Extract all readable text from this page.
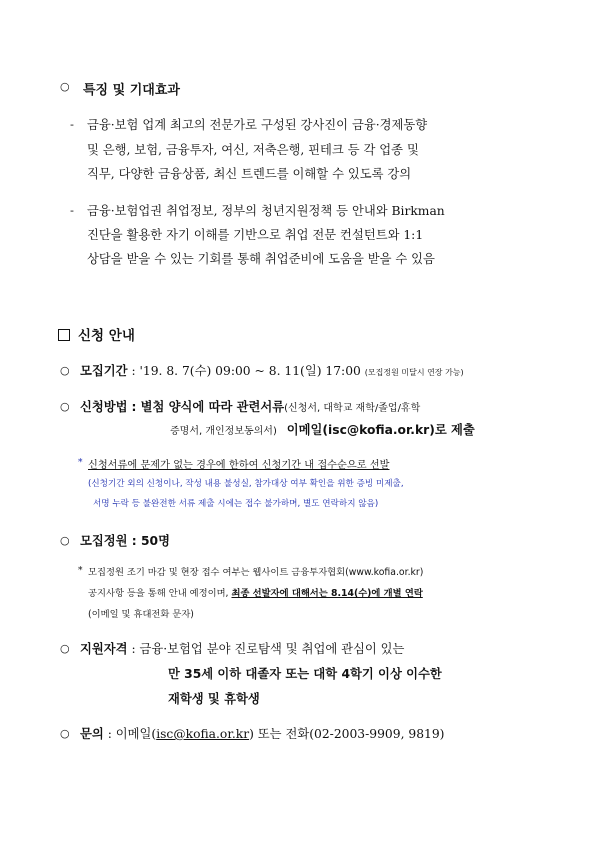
○ 특징 및 기대효과
- 금융·보험 업계 최고의 전문가로 구성된 강사진이 금융·경제동향
및 은행, 보험, 금융투자, 여신, 저축은행, 핀테크 등 각 업종 및
직무, 다양한 금융상품, 최신 트렌드를 이해할 수 있도록 강의
- 금융·보험업권 취업정보, 정부의 청년지원정책 등 안내와 Birkman
진단을 활용한 자기 이해를 기반으로 취업 전문 컨설턴트와 1:1
상담을 받을 수 있는 기회를 통해 취업준비에 도움을 받을 수 있음
신청 안내
○ 모집기간 : '19. 8. 7(수) 09:00 ~ 8. 11(일) 17:00 (모집정원 미달시 연장 가능)
○ 신청방법 : 별첨 양식에 따라 관련서류(신청서, 대학교 재학/졸업/휴학
증명서, 개인정보동의서) 이메일(isc@kofia.or.kr)로 제출
* 신청서류에 문제가 없는 경우에 한하여 신청기간 내 접수순으로 선발
(신청기간 외의 신청이나, 작성 내용 불성실, 참가대상 여부 확인을 위한 증빙 미제출,
서명 누락 등 불완전한 서류 제출 시에는 접수 불가하며, 별도 연락하지 않음)
○ 모집정원 : 50명
* 모집정원 조기 마감 및 현장 접수 여부는 웹사이트 금융투자협회(www.kofia.or.kr)
공지사항 등을 통해 안내 예정이며, 최종 선발자에 대해서는 8.14(수)에 개별 연락
(이메일 및 휴대전화 문자)
○ 지원자격 : 금융·보험업 분야 진로탐색 및 취업에 관심이 있는
만 35세 이하 대졸자 또는 대학 4학기 이상 이수한
재학생 및 휴학생
○ 문의 : 이메일(isc@kofia.or.kr) 또는 전화(02-2003-9909, 9819)
